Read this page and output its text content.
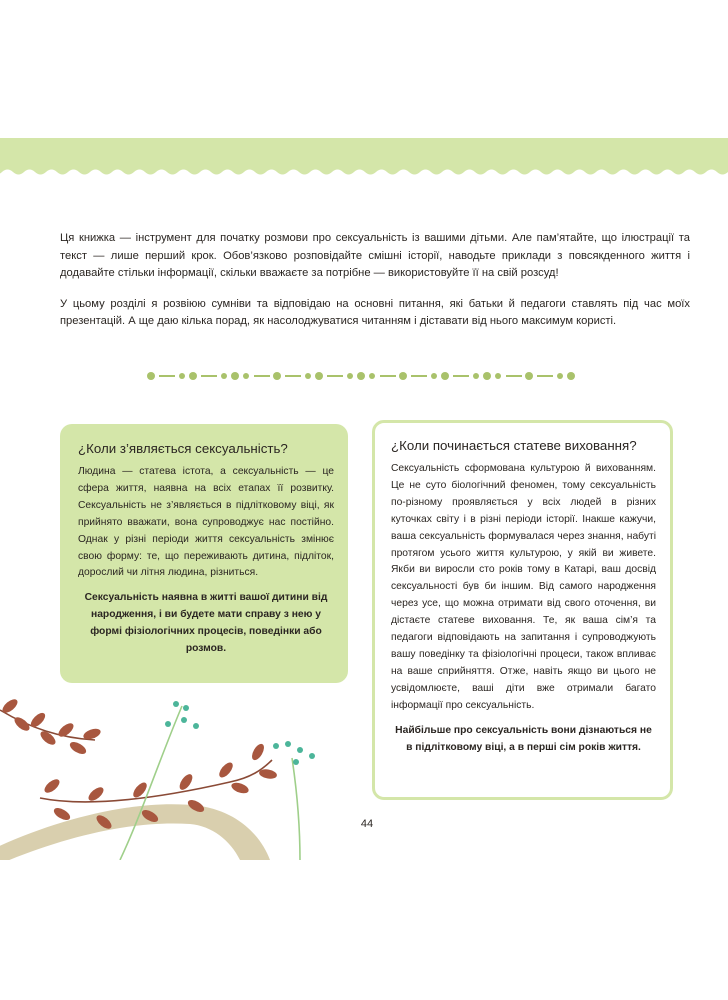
Ця книжка — інструмент для початку розмови про сексуальність із вашими дітьми. Але пам’ятайте, що ілюстрації та текст — лише перший крок. Обов’язково розповідайте смішні історії, наводьте приклади з повсякденного життя і додавайте стільки інформації, скільки вважаєте за потрібне — використовуйте її на свій розсуд!

У цьому розділі я розвіюю сумніви та відповідаю на основні питання, які батьки й педагоги ставлять під час моїх презентацій. А ще даю кілька порад, як насолоджуватися читанням і діставати від нього максимум користі.

¿Коли з’являється сексуальність?

Людина — статева істота, а сексуальність — це сфера життя, наявна на всіх етапах її розвитку. Сексуальність не з’являється в підлітковому віці, як прийнято вважати, вона супроводжує нас постійно. Однак у різні періоди життя сексуальність змінює свою форму: те, що переживають дитина, підліток, дорослий чи літня людина, різниться.

Сексуальність наявна в житті вашої дитини від народження, і ви будете мати справу з нею у формі фізіологічних процесів, поведінки або розмов.

¿Коли починається статеве виховання?

Сексуальність сформована культурою й вихованням. Це не суто біологічний феномен, тому сексуальність по-різному проявляється у всіх людей в різних куточках світу і в різні періоди історії. Інакше кажучи, ваша сексуальність формувалася через знання, набуті протягом усього життя культурою, у якій ви живете. Якби ви виросли сто років тому в Катарі, ваш досвід сексуальності був би іншим. Від самого народження через усе, що можна отримати від свого оточення, ви дістаєте статеве виховання. Те, як ваша сім’я та педагоги відповідають на запитання і супроводжують вашу поведінку та фізіологічні процеси, також впливає на ваше сприйняття. Отже, навіть якщо ви цього не усвідомлюєте, ваші діти вже отримали багато інформації про сексуальність.

Найбільше про сексуальність вони дізнаються не в підлітковому віці, а в перші сім років життя.

44
